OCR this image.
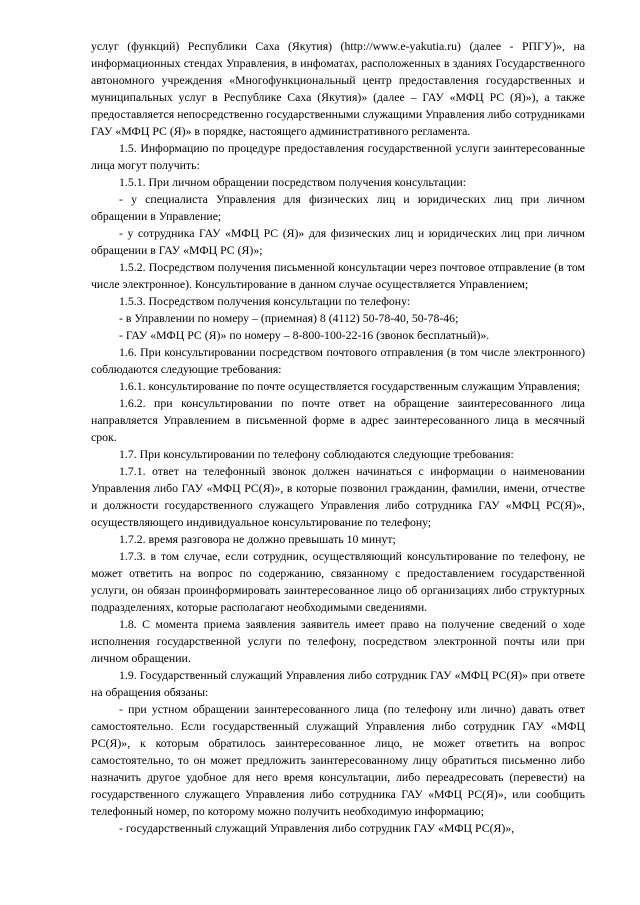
услуг (функций) Республики Саха (Якутия) (http://www.e-yakutia.ru) (далее - РПГУ)», на информационных стендах Управления, в инфоматах, расположенных в зданиях Государственного автономного учреждения «Многофункциональный центр предоставления государственных и муниципальных услуг в Республике Саха (Якутия)» (далее – ГАУ «МФЦ РС (Я)»), а также предоставляется непосредственно государственными служащими Управления либо сотрудниками ГАУ «МФЦ РС (Я)» в порядке, настоящего административного регламента.

1.5. Информацию по процедуре предоставления государственной услуги заинтересованные лица могут получить:

1.5.1. При личном обращении посредством получения консультации:

- у специалиста Управления для физических лиц и юридических лиц при личном обращении в Управление;

- у сотрудника ГАУ «МФЦ РС (Я)» для физических лиц и юридических лиц при личном обращении в ГАУ «МФЦ РС (Я)»;

1.5.2. Посредством получения письменной консультации через почтовое отправление (в том числе электронное). Консультирование в данном случае осуществляется Управлением;

1.5.3. Посредством получения консультации по телефону:

- в Управлении по номеру – (приемная) 8 (4112) 50-78-40, 50-78-46;

- ГАУ «МФЦ РС (Я)» по номеру – 8-800-100-22-16 (звонок бесплатный)».

1.6. При консультировании посредством почтового отправления (в том числе электронного) соблюдаются следующие требования:

1.6.1. консультирование по почте осуществляется государственным служащим Управления;

1.6.2. при консультировании по почте ответ на обращение заинтересованного лица направляется Управлением в письменной форме в адрес заинтересованного лица в месячный срок.

1.7. При консультировании по телефону соблюдаются следующие требования:

1.7.1. ответ на телефонный звонок должен начинаться с информации о наименовании Управления либо ГАУ «МФЦ РС(Я)», в которые позвонил гражданин, фамилии, имени, отчестве и должности государственного служащего Управления либо сотрудника ГАУ «МФЦ РС(Я)», осуществляющего индивидуальное консультирование по телефону;

1.7.2. время разговора не должно превышать 10 минут;

1.7.3. в том случае, если сотрудник, осуществляющий консультирование по телефону, не может ответить на вопрос по содержанию, связанному с предоставлением государственной услуги, он обязан проинформировать заинтересованное лицо об организациях либо структурных подразделениях, которые располагают необходимыми сведениями.

1.8. С момента приема заявления заявитель имеет право на получение сведений о ходе исполнения государственной услуги по телефону, посредством электронной почты или при личном обращении.

1.9. Государственный служащий Управления либо сотрудник ГАУ «МФЦ РС(Я)» при ответе на обращения обязаны:

- при устном обращении заинтересованного лица (по телефону или лично) давать ответ самостоятельно. Если государственный служащий Управления либо сотрудник ГАУ «МФЦ РС(Я)», к которым обратилось заинтересованное лицо, не может ответить на вопрос самостоятельно, то он может предложить заинтересованному лицу обратиться письменно либо назначить другое удобное для него время консультации, либо переадресовать (перевести) на государственного служащего Управления либо сотрудника ГАУ «МФЦ РС(Я)», или сообщить телефонный номер, по которому можно получить необходимую информацию;

- государственный служащий Управления либо сотрудник ГАУ «МФЦ РС(Я)»,
